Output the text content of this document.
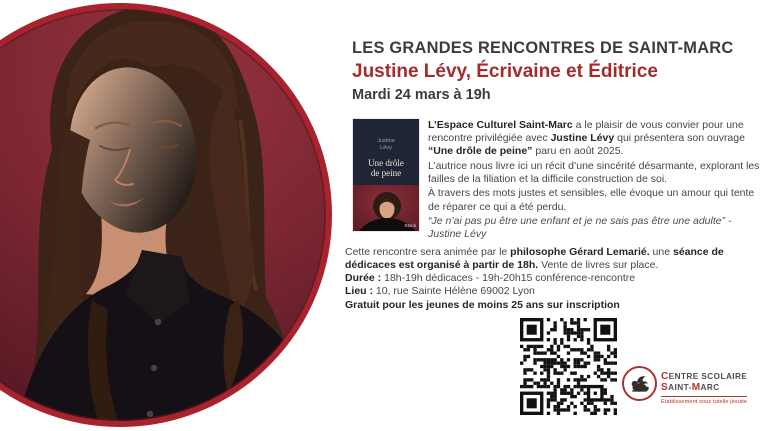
LES GRANDES RENCONTRES DE SAINT-MARC
Justine Lévy, Écrivaine et Éditrice
Mardi 24 mars à 19h
Justine
Lévy
Une drôle
de peine
Stock

L’Espace Culturel Saint-Marc a le plaisir de vous convier pour une rencontre privilégiée avec Justine Lévy qui présentera son ouvrage “Une drôle de peine” paru en août 2025.

L’autrice nous livre ici un récit d’une sincérité désarmante, explorant les failles de la filiation et la difficile construction de soi.

À travers des mots justes et sensibles, elle évoque un amour qui tente de réparer ce qui a été perdu.

“Je n’ai pas pu être une enfant et je ne sais pas être une adulte” - Justine Lévy

Cette rencontre sera animée par le philosophe Gérard Lemarié. une séance de dédicaces est organisé à partir de 18h. Vente de livres sur place.

Durée : 18h-19h dédicaces - 19h-20h15 conférence-rencontre

Lieu : 10, rue Sainte Hélène 69002 Lyon

Gratuit pour les jeunes de moins 25 ans sur inscription

CENTRE SCOLAIRE
SAINT-MARC
Etablissement sous tutelle jésuite
